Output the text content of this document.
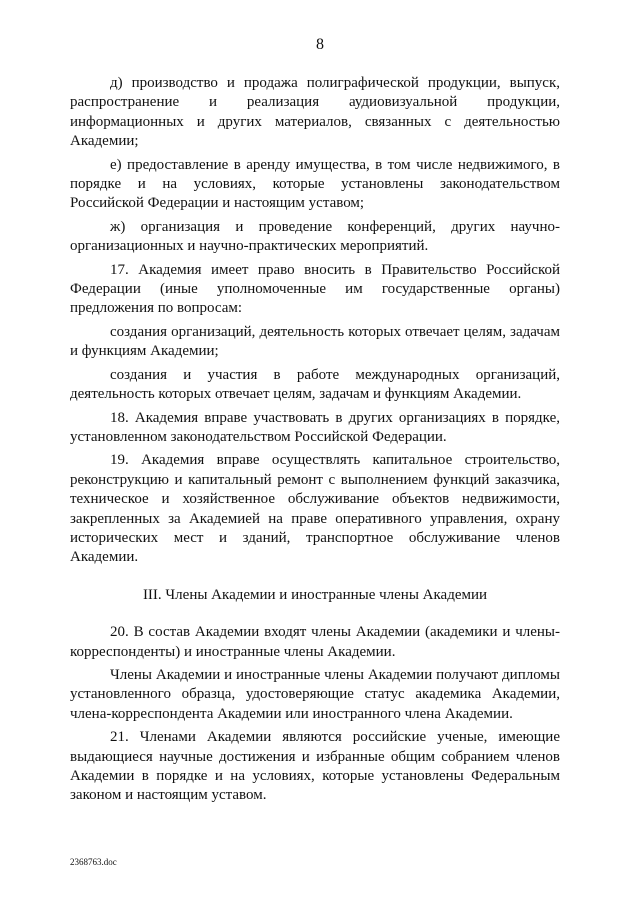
8

д) производство и продажа полиграфической продукции, выпуск, распространение и реализация аудиовизуальной продукции, информационных и других материалов, связанных с деятельностью Академии;

е) предоставление в аренду имущества, в том числе недвижимого, в порядке и на условиях, которые установлены законодательством Российской Федерации и настоящим уставом;

ж) организация и проведение конференций, других научно-организационных и научно-практических мероприятий.

17. Академия имеет право вносить в Правительство Российской Федерации (иные уполномоченные им государственные органы) предложения по вопросам:

создания организаций, деятельность которых отвечает целям, задачам и функциям Академии;

создания и участия в работе международных организаций, деятельность которых отвечает целям, задачам и функциям Академии.

18. Академия вправе участвовать в других организациях в порядке, установленном законодательством Российской Федерации.

19. Академия вправе осуществлять капитальное строительство, реконструкцию и капитальный ремонт с выполнением функций заказчика, техническое и хозяйственное обслуживание объектов недвижимости, закрепленных за Академией на праве оперативного управления, охрану исторических мест и зданий, транспортное обслуживание членов Академии.

III. Члены Академии и иностранные члены Академии

20. В состав Академии входят члены Академии (академики и члены-корреспонденты) и иностранные члены Академии.

Члены Академии и иностранные члены Академии получают дипломы установленного образца, удостоверяющие статус академика Академии, члена-корреспондента Академии или иностранного члена Академии.

21. Членами Академии являются российские ученые, имеющие выдающиеся научные достижения и избранные общим собранием членов Академии в порядке и на условиях, которые установлены Федеральным законом и настоящим уставом.

2368763.doc
